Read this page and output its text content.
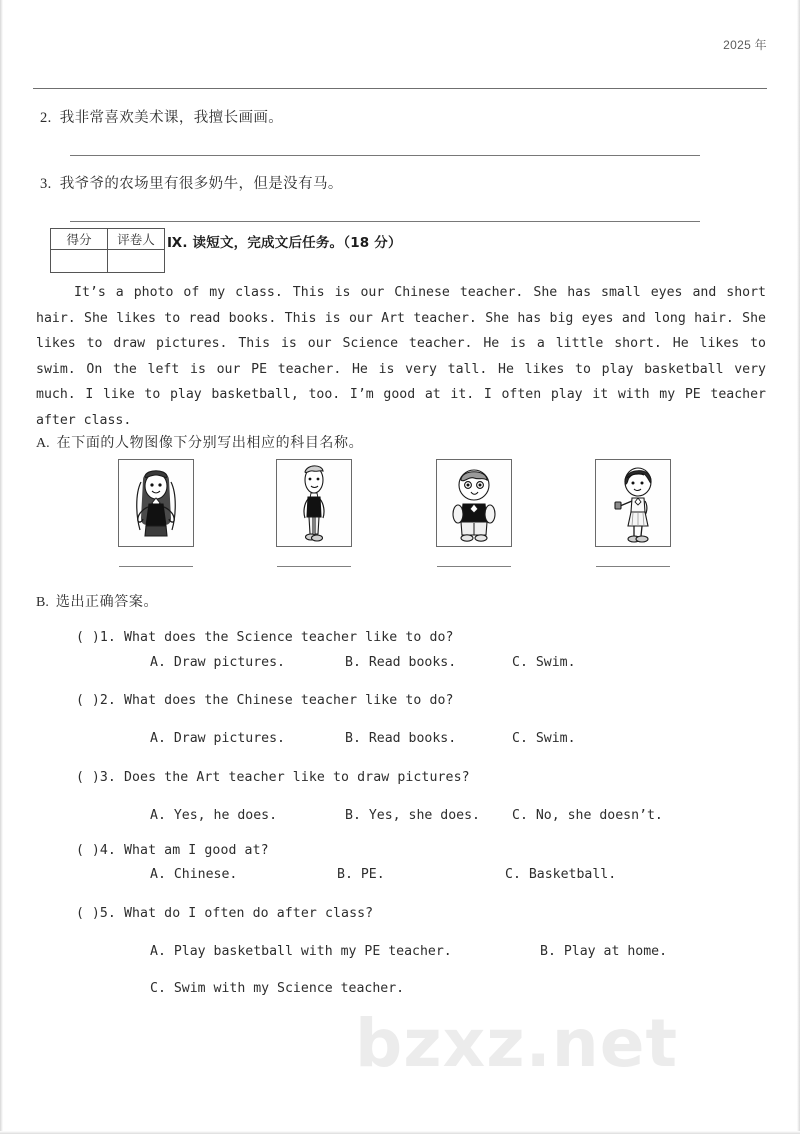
2025 年
2. 我非常喜欢美术课，我擅长画画。
3. 我爷爷的农场里有很多奶牛，但是没有马。
得分	评卷人
	Ⅸ. 读短文，完成文后任务。（18 分）
It’s a photo of my class. This is our Chinese teacher. She has small eyes and short hair. She likes to read books. This is our Art teacher. She has big eyes and long hair. She likes to draw pictures. This is our Science teacher. He is a little short. He likes to swim. On the left is our PE teacher. He is very tall. He likes to play basketball very much. I like to play basketball, too. I’m good at it. I often play it with my PE teacher after class.
A. 在下面的人物图像下分别写出相应的科目名称。
B. 选出正确答案。
( )1. What does the Science teacher like to do?
A. Draw pictures.	B. Read books.	C. Swim.
( )2. What does the Chinese teacher like to do?
A. Draw pictures.	B. Read books.	C. Swim.
( )3. Does the Art teacher like to draw pictures?
A. Yes, he does.	B. Yes, she does. C. No, she doesn’t.
( )4. What am I good at?
A. Chinese.	B. PE.	C. Basketball.
( )5. What do I often do after class?
A. Play basketball with my PE teacher.	B. Play at home.
C. Swim with my Science teacher.
bzxz.net
